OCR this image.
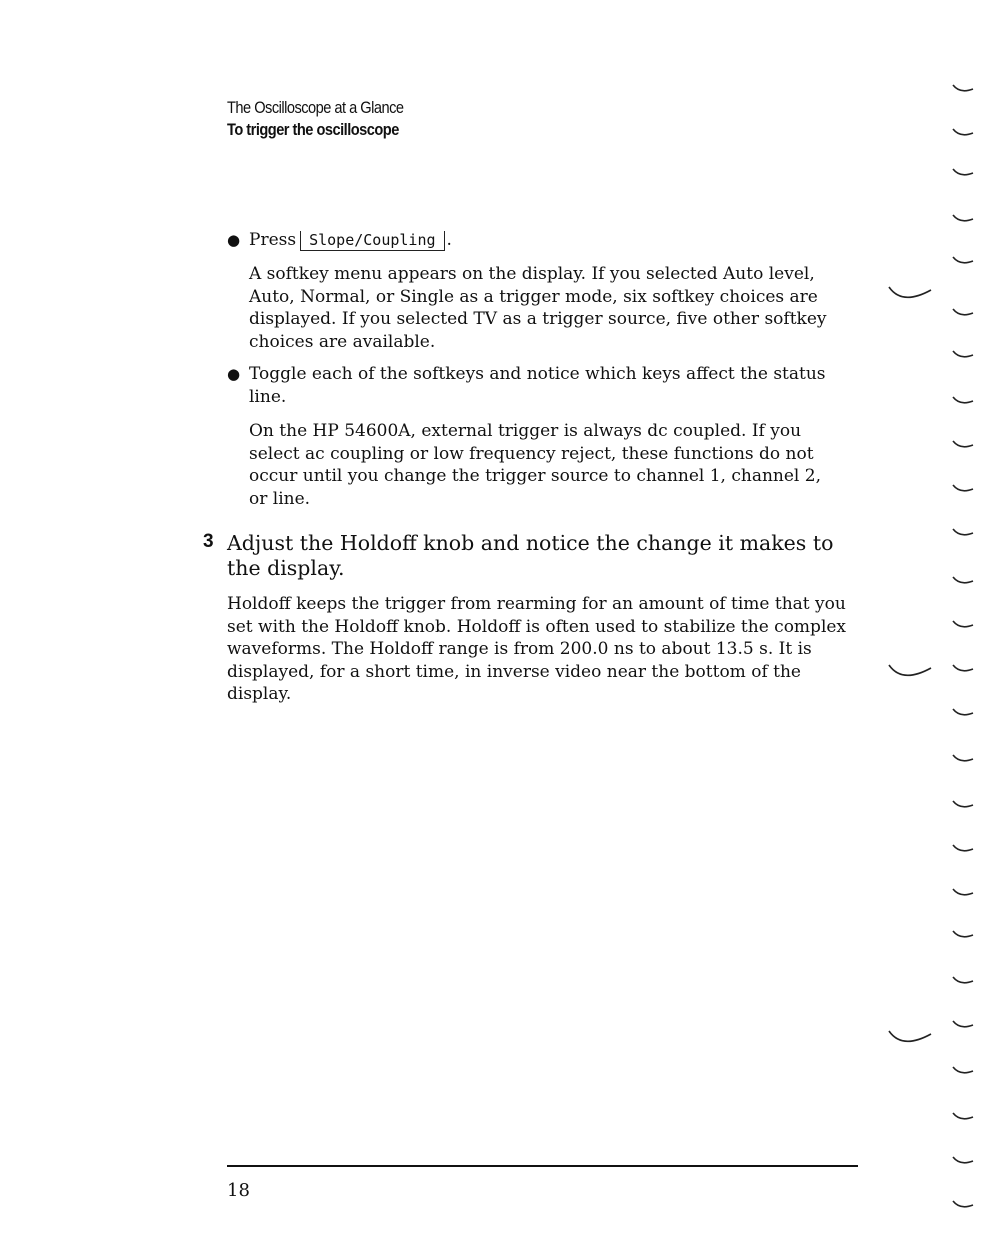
The Oscilloscope at a Glance
To trigger the oscilloscope
● Press Slope/Coupling .
A softkey menu appears on the display. If you selected Auto level, Auto, Normal, or Single as a trigger mode, six softkey choices are displayed. If you selected TV as a trigger source, five other softkey choices are available.
● Toggle each of the softkeys and notice which keys affect the status line.
On the HP 54600A, external trigger is always dc coupled. If you select ac coupling or low frequency reject, these functions do not occur until you change the trigger source to channel 1, channel 2, or line.
3 Adjust the Holdoff knob and notice the change it makes to the display.
Holdoff keeps the trigger from rearming for an amount of time that you set with the Holdoff knob. Holdoff is often used to stabilize the complex waveforms. The Holdoff range is from 200.0 ns to about 13.5 s. It is displayed, for a short time, in inverse video near the bottom of the display.
18
